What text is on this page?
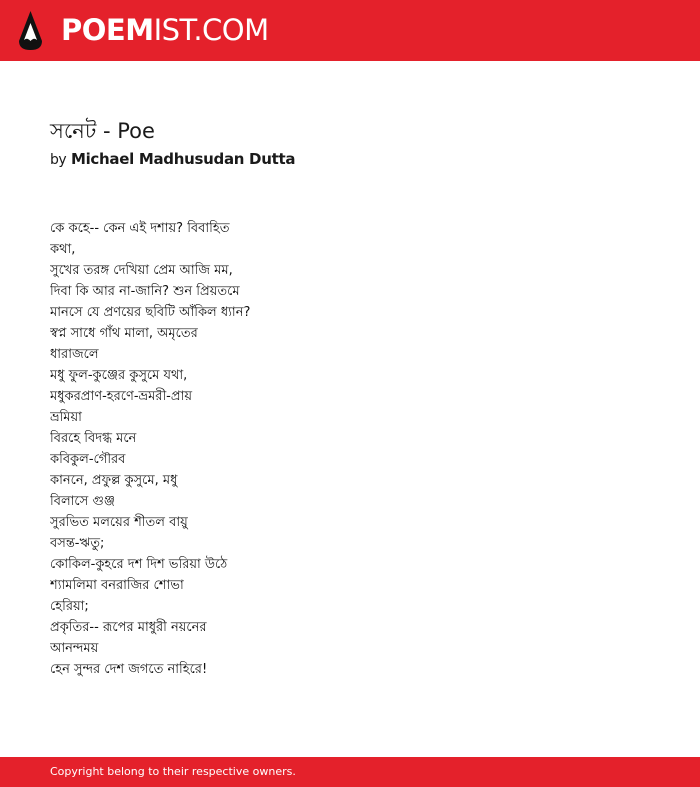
POEMIST.COM
সনেট - Poe
by Michael Madhusudan Dutta
কে কহে-- কেন এই দশায়? বিবাহিত
কথা,
সুখের তরঙ্গ দেখিয়া প্রেম আজি মম,
দিবা কি আর না-জানি? শুন প্রিয়তমে
মানসে যে প্রণয়ের ছবিটি আঁকিল ধ্যান?
স্বপ্ন সাধে গাঁথ মালা, অমৃতের
ধারাজলে
মধু ফুল-কুঞ্জের কুসুমে যথা,
মধুকরপ্রাণ-হরণে-ভ্রমরী-প্রায়
ভ্রমিয়া
বিরহে বিদগ্ধ মনে
কবিকুল-গৌরব
কাননে, প্রফুল্ল কুসুমে, মধু
বিলাসে গুঞ্জ
সুরভিত মলয়ের শীতল বায়ু
বসন্ত-ঋতু;
কোকিল-কুহরে দশ দিশ ভরিয়া উঠে
শ্যামলিমা বনরাজির শোভা
হেরিয়া;
প্রকৃতির-- রূপের মাধুরী নয়নের
আনন্দময়
হেন সুন্দর দেশ জগতে নাহিরে!
Copyright belong to their respective owners.
